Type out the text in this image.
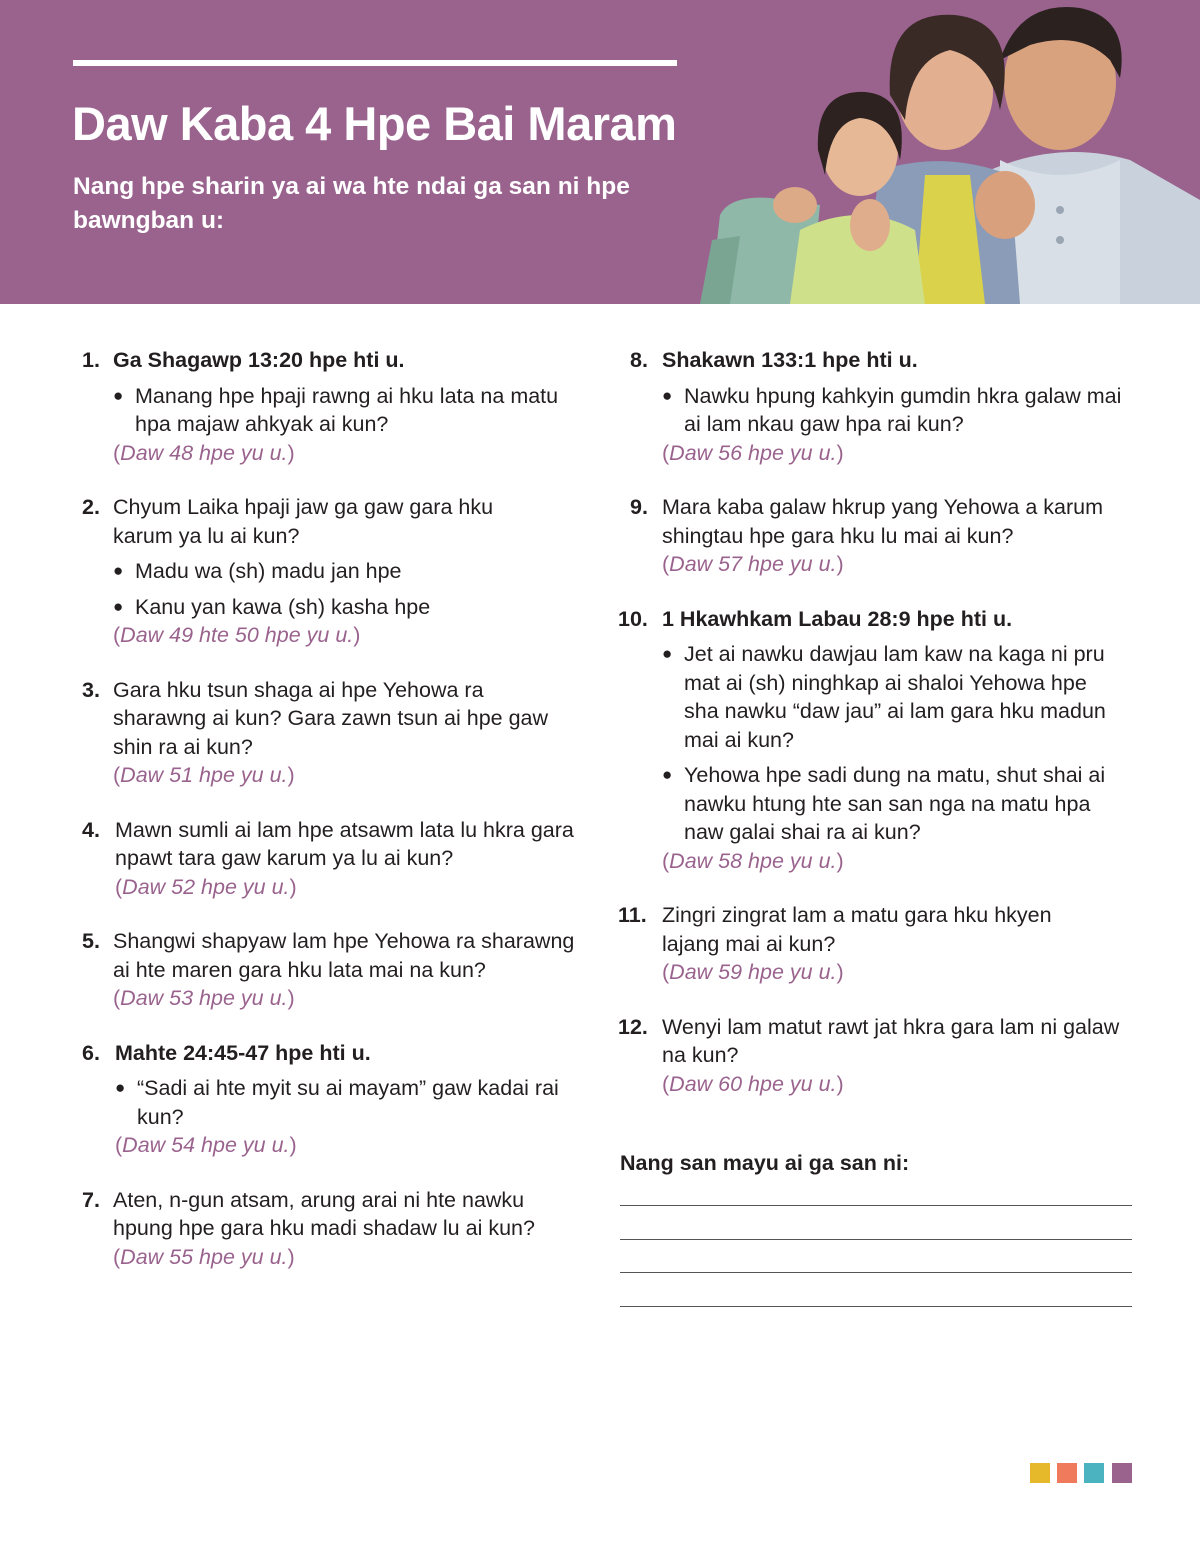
Daw Kaba 4 Hpe Bai Maram

Nang hpe sharin ya ai wa hte ndai ga san ni hpe bawngban u:

1. Ga Shagawp 13:20 hpe hti u.
● Manang hpe hpaji rawng ai hku lata na matu hpa majaw ahkyak ai kun?
(Daw 48 hpe yu u.)
2. Chyum Laika hpaji jaw ga gaw gara hku karum ya lu ai kun?
● Madu wa (sh) madu jan hpe
● Kanu yan kawa (sh) kasha hpe
(Daw 49 hte 50 hpe yu u.)
3. Gara hku tsun shaga ai hpe Yehowa ra sharawng ai kun? Gara zawn tsun ai hpe gaw shin ra ai kun?
(Daw 51 hpe yu u.)
4. Mawn sumli ai lam hpe atsawm lata lu hkra gara npawt tara gaw karum ya lu ai kun?
(Daw 52 hpe yu u.)
5. Shangwi shapyaw lam hpe Yehowa ra sharawng ai hte maren gara hku lata mai na kun?
(Daw 53 hpe yu u.)
6. Mahte 24:45-47 hpe hti u.
● “Sadi ai hte myit su ai mayam” gaw kadai rai kun?
(Daw 54 hpe yu u.)
7. Aten, n-gun atsam, arung arai ni hte nawku hpung hpe gara hku madi shadaw lu ai kun?
(Daw 55 hpe yu u.)
8. Shakawn 133:1 hpe hti u.
● Nawku hpung kahkyin gumdin hkra galaw mai ai lam nkau gaw hpa rai kun?
(Daw 56 hpe yu u.)
9. Mara kaba galaw hkrup yang Yehowa a karum shingtau hpe gara hku lu mai ai kun?
(Daw 57 hpe yu u.)
10. 1 Hkawhkam Labau 28:9 hpe hti u.
● Jet ai nawku dawjau lam kaw na kaga ni pru mat ai (sh) ninghkap ai shaloi Yehowa hpe sha nawku “daw jau” ai lam gara hku madun mai ai kun?
● Yehowa hpe sadi dung na matu, shut shai ai nawku htung hte san san nga na matu hpa naw galai shai ra ai kun?
(Daw 58 hpe yu u.)
11. Zingri zingrat lam a matu gara hku hkyen lajang mai ai kun?
(Daw 59 hpe yu u.)
12. Wenyi lam matut rawt jat hkra gara lam ni galaw na kun?
(Daw 60 hpe yu u.)

Nang san mayu ai ga san ni:
